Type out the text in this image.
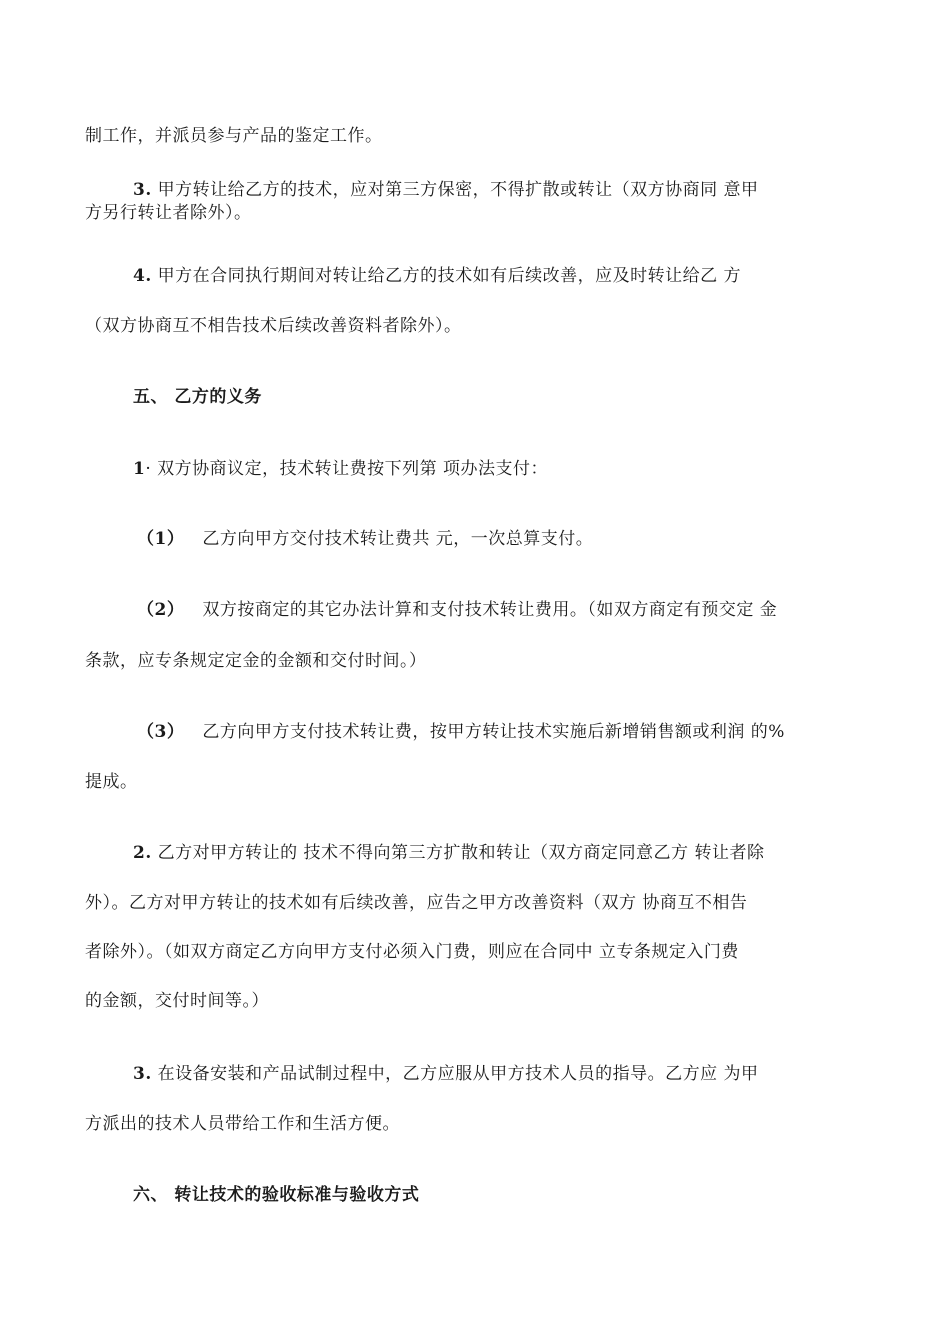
制工作，并派员参与产品的鉴定工作。
3. 甲方转让给乙方的技术，应对第三方保密，不得扩散或转让（双方协商同 意甲
方另行转让者除外）。
4. 甲方在合同执行期间对转让给乙方的技术如有后续改善，应及时转让给乙 方
（双方协商互不相告技术后续改善资料者除外）。
五、 乙方的义务
1· 双方协商议定，技术转让费按下列第 项办法支付：
（1） 乙方向甲方交付技术转让费共 元，一次总算支付。
（2） 双方按商定的其它办法计算和支付技术转让费用。（如双方商定有预交定 金
条款，应专条规定定金的金额和交付时间。）
（3） 乙方向甲方支付技术转让费，按甲方转让技术实施后新增销售额或利润 的%
提成。
2. 乙方对甲方转让的 技术不得向第三方扩散和转让（双方商定同意乙方 转让者除
外）。乙方对甲方转让的技术如有后续改善，应告之甲方改善资料（双方 协商互不相告
者除外）。（如双方商定乙方向甲方支付必须入门费，则应在合同中 立专条规定入门费
的金额，交付时间等。）
3. 在设备安装和产品试制过程中，乙方应服从甲方技术人员的指导。乙方应 为甲
方派出的技术人员带给工作和生活方便。
六、 转让技术的验收标准与验收方式
